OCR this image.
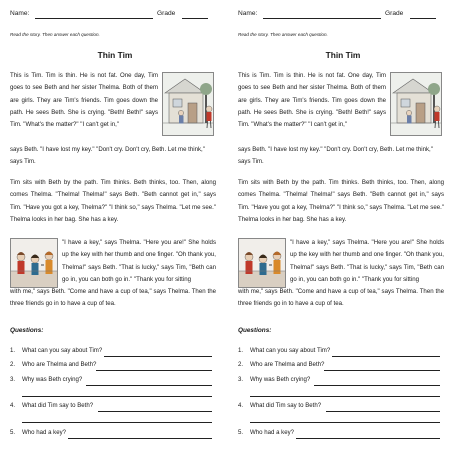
Name:	Grade
Read the story. Then answer each question.
Thin Tim
This is Tim. Tim is thin. He is not fat. One day, Tim goes to see Beth and her sister Thelma. Both of them are girls. They are Tim's friends. Tim goes down the path. He sees Beth. She is crying. "Beth! Beth!" says Tim. "What's the matter?" "I can't get in,"
says Beth. "I have lost my key." "Don't cry. Don't cry, Beth. Let me think," says Tim.
Tim sits with Beth by the path. Tim thinks. Beth thinks, too. Then, along comes Thelma. "Thelma! Thelma!" says Beth. "Beth cannot get in," says Tim. "Have you got a key, Thelma?" "I think so," says Thelma. "Let me see." Thelma looks in her bag. She has a key.
"I have a key," says Thelma. "Here you are!" She holds up the key with her thumb and one finger. "Oh thank you, Thelma!" says Beth. "That is lucky," says Tim, "Beth can go in, you can both go in." "Thank you for sitting
with me," says Beth. "Come and have a cup of tea," says Thelma. Then the three friends go in to have a cup of tea.
Questions:
1. What can you say about Tim?
2. Who are Thelma and Beth?
3. Why was Beth crying?
4. What did Tim say to Beth?
5. Who had a key?
Name:	Grade
Read the story. Then answer each question.
Thin Tim
This is Tim. Tim is thin. He is not fat. One day, Tim goes to see Beth and her sister Thelma. Both of them are girls. They are Tim's friends. Tim goes down the path. He sees Beth. She is crying. "Beth! Beth!" says Tim. "What's the matter?" "I can't get in,"
says Beth. "I have lost my key." "Don't cry. Don't cry, Beth. Let me think," says Tim.
Tim sits with Beth by the path. Tim thinks. Beth thinks, too. Then, along comes Thelma. "Thelma! Thelma!" says Beth. "Beth cannot get in," says Tim. "Have you got a key, Thelma?" "I think so," says Thelma. "Let me see." Thelma looks in her bag. She has a key.
"I have a key," says Thelma. "Here you are!" She holds up the key with her thumb and one finger. "Oh thank you, Thelma!" says Beth. "That is lucky," says Tim, "Beth can go in, you can both go in." "Thank you for sitting
with me," says Beth. "Come and have a cup of tea," says Thelma. Then the three friends go in to have a cup of tea.
Questions:
1. What can you say about Tim?
2. Who are Thelma and Beth?
3. Why was Beth crying?
4. What did Tim say to Beth?
5. Who had a key?
